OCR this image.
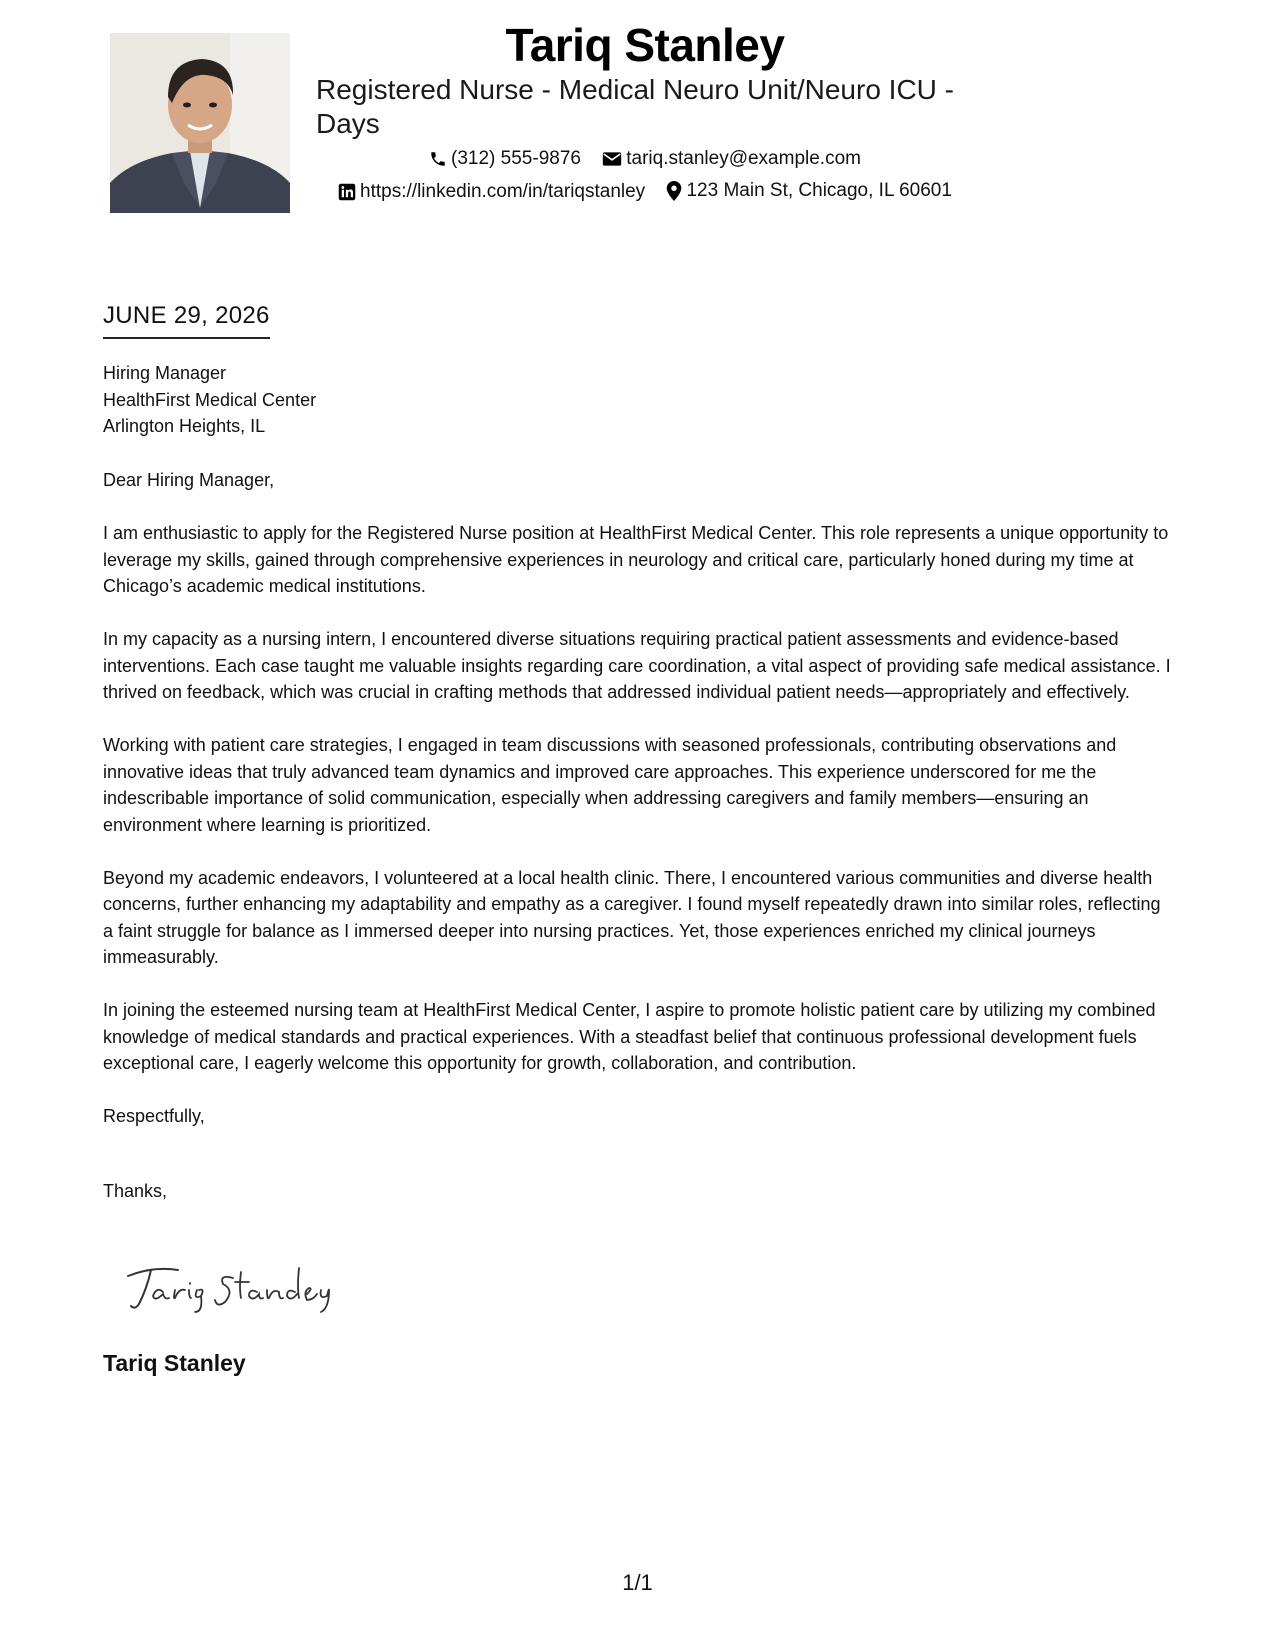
Tariq Stanley
Registered Nurse - Medical Neuro Unit/Neuro ICU - Days
(312) 555-9876
tariq.stanley@example.com
https://linkedin.com/in/tariqstanley
123 Main St, Chicago, IL 60601
JUNE 29, 2026
Hiring Manager
HealthFirst Medical Center
Arlington Heights, IL

Dear Hiring Manager,

I am enthusiastic to apply for the Registered Nurse position at HealthFirst Medical Center. This role represents a unique opportunity to leverage my skills, gained through comprehensive experiences in neurology and critical care, particularly honed during my time at Chicago’s academic medical institutions.

In my capacity as a nursing intern, I encountered diverse situations requiring practical patient assessments and evidence-based interventions. Each case taught me valuable insights regarding care coordination, a vital aspect of providing safe medical assistance. I thrived on feedback, which was crucial in crafting methods that addressed individual patient needs—appropriately and effectively.

Working with patient care strategies, I engaged in team discussions with seasoned professionals, contributing observations and innovative ideas that truly advanced team dynamics and improved care approaches. This experience underscored for me the indescribable importance of solid communication, especially when addressing caregivers and family members—ensuring an environment where learning is prioritized.

Beyond my academic endeavors, I volunteered at a local health clinic. There, I encountered various communities and diverse health concerns, further enhancing my adaptability and empathy as a caregiver. I found myself repeatedly drawn into similar roles, reflecting a faint struggle for balance as I immersed deeper into nursing practices. Yet, those experiences enriched my clinical journeys immeasurably.

In joining the esteemed nursing team at HealthFirst Medical Center, I aspire to promote holistic patient care by utilizing my combined knowledge of medical standards and practical experiences. With a steadfast belief that continuous professional development fuels exceptional care, I eagerly welcome this opportunity for growth, collaboration, and contribution.

Respectfully,

Thanks,

Tariq Stanley
1/1
